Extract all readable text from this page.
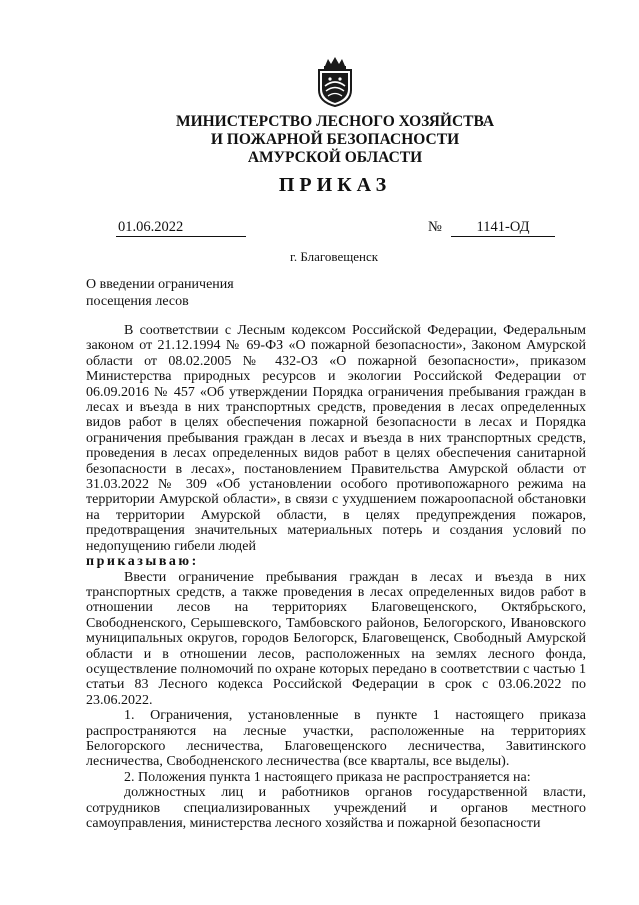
МИНИСТЕРСТВО ЛЕСНОГО ХОЗЯЙСТВА
И ПОЖАРНОЙ БЕЗОПАСНОСТИ
АМУРСКОЙ ОБЛАСТИ
ПРИКАЗ
01.06.2022	№	1141-ОД
г. Благовещенск
О введении ограничения
посещения лесов

В соответствии с Лесным кодексом Российской Федерации, Федеральным законом от 21.12.1994 № 69-ФЗ «О пожарной безопасности», Законом Амурской области от 08.02.2005 № 432-ОЗ «О пожарной безопасности», приказом Министерства природных ресурсов и экологии Российской Федерации от 06.09.2016 № 457 «Об утверждении Порядка ограничения пребывания граждан в лесах и въезда в них транспортных средств, проведения в лесах определенных видов работ в целях обеспечения пожарной безопасности в лесах и Порядка ограничения пребывания граждан в лесах и въезда в них транспортных средств, проведения в лесах определенных видов работ в целях обеспечения санитарной безопасности в лесах», постановлением Правительства Амурской области от 31.03.2022 № 309 «Об установлении особого противопожарного режима на территории Амурской области», в связи с ухудшением пожароопасной обстановки на территории Амурской области, в целях предупреждения пожаров, предотвращения значительных материальных потерь и создания условий по недопущению гибели людей

приказываю:

Ввести ограничение пребывания граждан в лесах и въезда в них транспортных средств, а также проведения в лесах определенных видов работ в отношении лесов на территориях Благовещенского, Октябрьского, Свободненского, Серышевского, Тамбовского районов, Белогорского, Ивановского муниципальных округов, городов Белогорск, Благовещенск, Свободный Амурской области и в отношении лесов, расположенных на землях лесного фонда, осуществление полномочий по охране которых передано в соответствии с частью 1 статьи 83 Лесного кодекса Российской Федерации в срок с 03.06.2022 по 23.06.2022.

1. Ограничения, установленные в пункте 1 настоящего приказа распространяются на лесные участки, расположенные на территориях Белогорского лесничества, Благовещенского лесничества, Завитинского лесничества, Свободненского лесничества (все кварталы, все выделы).

2. Положения пункта 1 настоящего приказа не распространяется на:

должностных лиц и работников органов государственной власти, сотрудников специализированных учреждений и органов местного самоуправления, министерства лесного хозяйства и пожарной безопасности
